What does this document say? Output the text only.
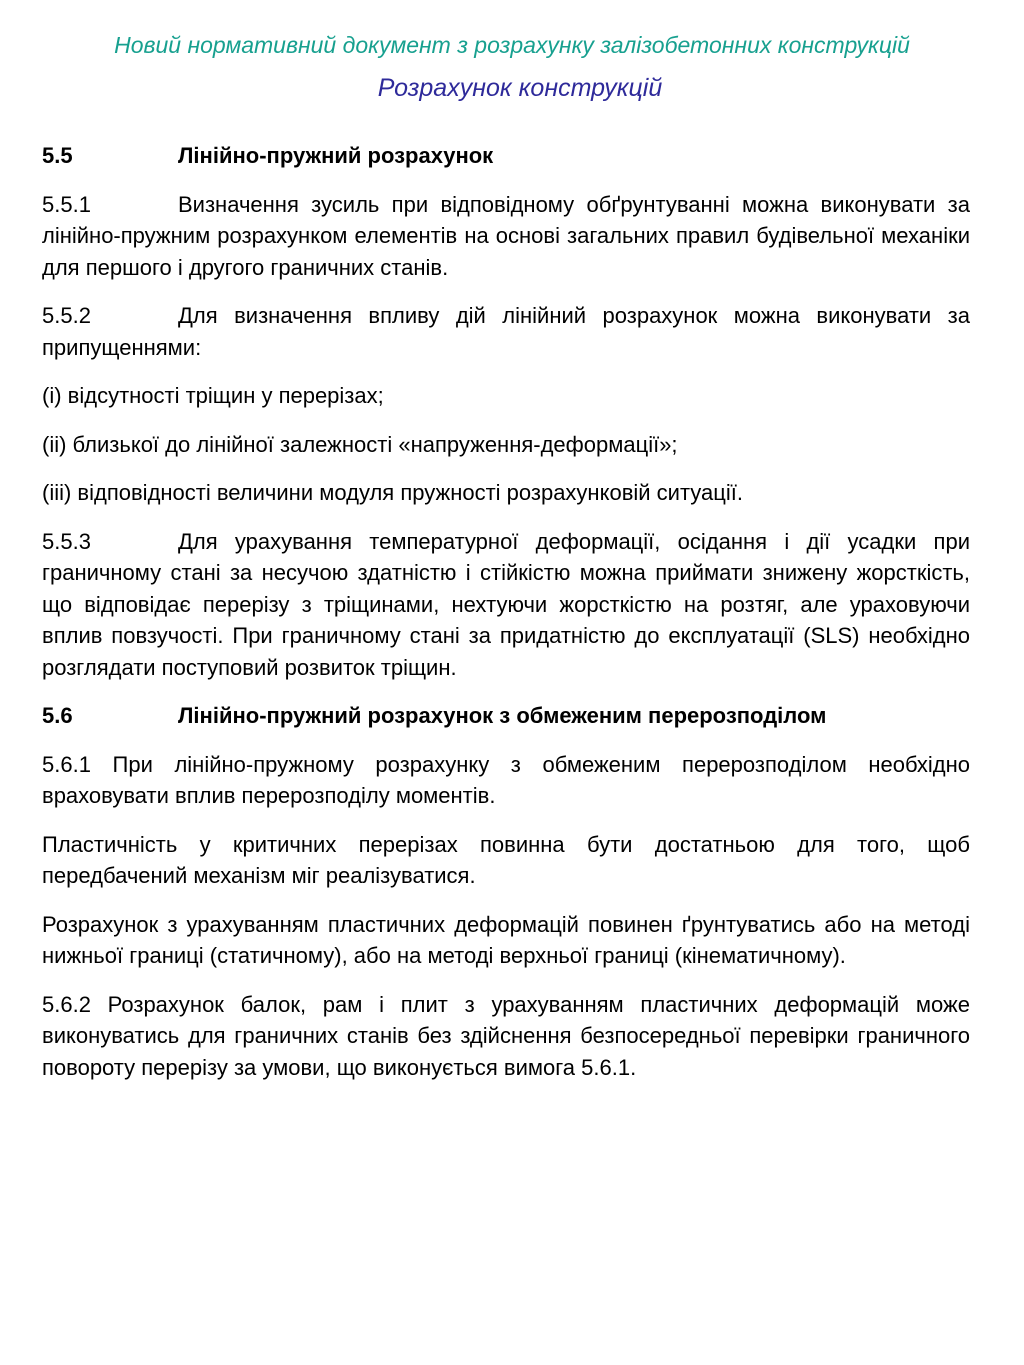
Новий нормативний документ з розрахунку залізобетонних конструкцій
Розрахунок конструкцій

5.5	Лінійно-пружний розрахунок

5.5.1	Визначення зусиль при відповідному обґрунтуванні можна виконувати за лінійно-пружним розрахунком елементів на основі загальних правил будівельної механіки для першого і другого граничних станів.

5.5.2	Для визначення впливу дій лінійний розрахунок можна виконувати за припущеннями:

(i) відсутності тріщин у перерізах;

(ii) близької до лінійної залежності «напруження-деформації»;

(iii) відповідності величини модуля пружності розрахунковій ситуації.

5.5.3	Для урахування температурної деформації, осідання і дії усадки при граничному стані за несучою здатністю і стійкістю можна приймати знижену жорсткість, що відповідає перерізу з тріщинами, нехтуючи жорсткістю на розтяг, але ураховуючи вплив повзучості. При граничному стані за придатністю до експлуатації (SLS) необхідно розглядати поступовий розвиток тріщин.

5.6	Лінійно-пружний розрахунок з обмеженим перерозподілом

5.6.1 При лінійно-пружному розрахунку з обмеженим перерозподілом необхідно враховувати вплив перерозподілу моментів.

Пластичність у критичних перерізах повинна бути достатньою для того, щоб передбачений механізм міг реалізуватися.

Розрахунок з урахуванням пластичних деформацій повинен ґрунтуватись або на методі нижньої границі (статичному), або на методі верхньої границі (кінематичному).

5.6.2 Розрахунок балок, рам і плит з урахуванням пластичних деформацій може виконуватись для граничних станів без здійснення безпосередньої перевірки граничного повороту перерізу за умови, що виконується вимога 5.6.1.
